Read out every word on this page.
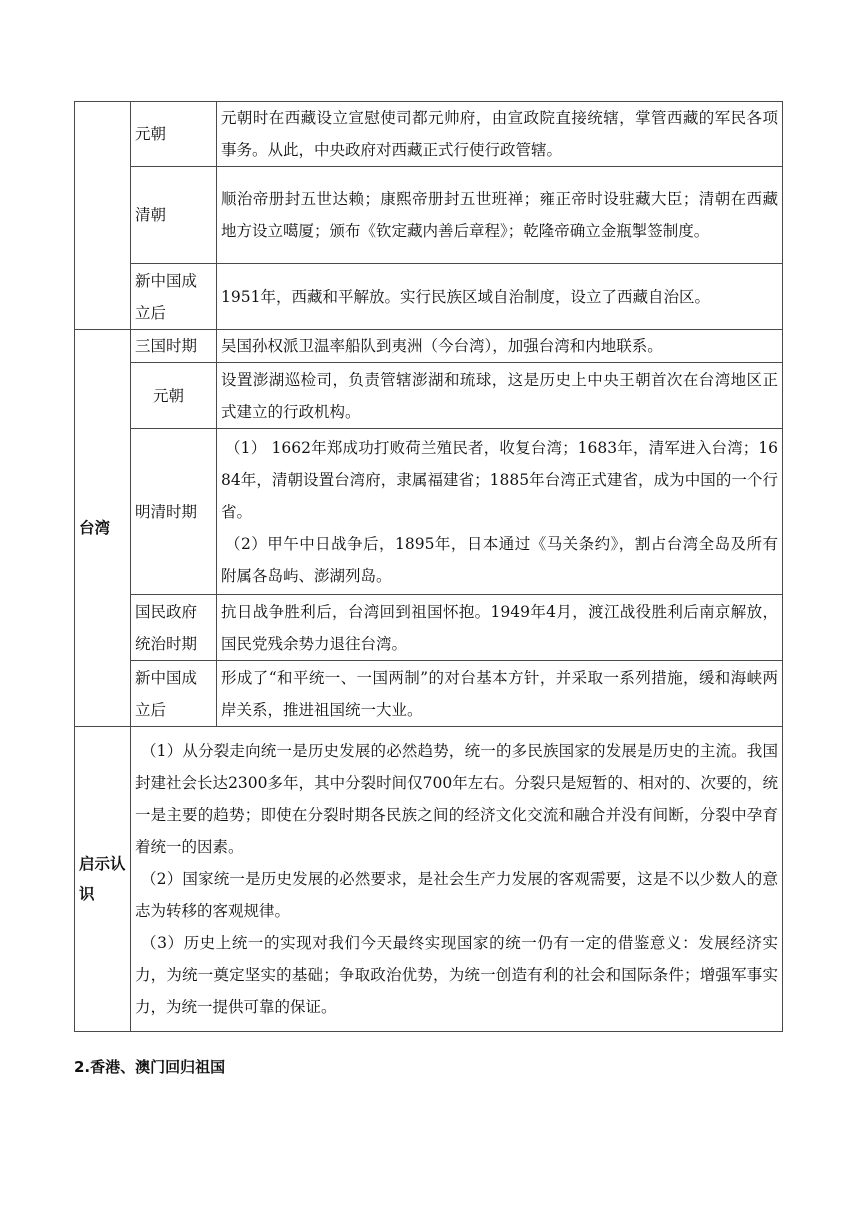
	元朝	元朝时在西藏设立宣慰使司都元帅府，由宣政院直接统辖，掌管西藏的军民各项事务。从此，中央政府对西藏正式行使行政管辖。
	清朝	顺治帝册封五世达赖；康熙帝册封五世班禅；雍正帝时设驻藏大臣；清朝在西藏地方设立噶厦；颁布《钦定藏内善后章程》；乾隆帝确立金瓶掣签制度。
	新中国成立后	1951年，西藏和平解放。实行民族区域自治制度，设立了西藏自治区。
台湾	三国时期	吴国孙权派卫温率船队到夷洲（今台湾），加强台湾和内地联系。
	元朝	设置澎湖巡检司，负责管辖澎湖和琉球，这是历史上中央王朝首次在台湾地区正式建立的行政机构。
	明清时期	（1） 1662年郑成功打败荷兰殖民者，收复台湾；1683年，清军进入台湾；1684年，清朝设置台湾府，隶属福建省；1885年台湾正式建省，成为中国的一个行省。

（2）甲午中日战争后，1895年，日本通过《马关条约》，割占台湾全岛及所有附属各岛屿、澎湖列岛。

	国民政府统治时期	抗日战争胜利后，台湾回到祖国怀抱。1949年4月，渡江战役胜利后南京解放，国民党残余势力退往台湾。
	新中国成立后	形成了“和平统一、一国两制”的对台基本方针，并采取一系列措施，缓和海峡两岸关系，推进祖国统一大业。
启示认识	（1）从分裂走向统一是历史发展的必然趋势，统一的多民族国家的发展是历史的主流。我国封建社会长达2300多年，其中分裂时间仅700年左右。分裂只是短暂的、相对的、次要的，统一是主要的趋势；即使在分裂时期各民族之间的经济文化交流和融合并没有间断，分裂中孕育着统一的因素。

（2）国家统一是历史发展的必然要求，是社会生产力发展的客观需要，这是不以少数人的意志为转移的客观规律。

（3）历史上统一的实现对我们今天最终实现国家的统一仍有一定的借鉴意义：发展经济实力，为统一奠定坚实的基础；争取政治优势，为统一创造有利的社会和国际条件；增强军事实力，为统一提供可靠的保证。	

2.香港、澳门回归祖国
